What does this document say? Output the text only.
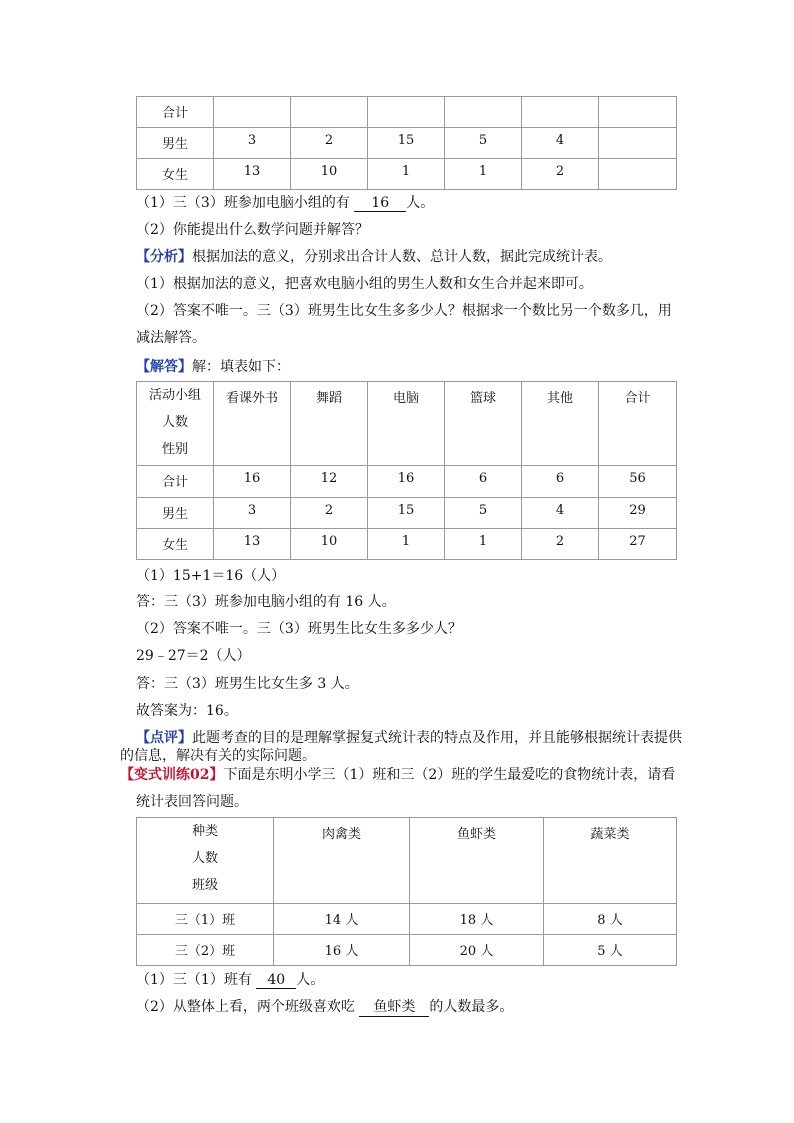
合计						
男生	3	2	15	5	4	
女生	13	10	1	1	2	
（1）三（3）班参加电脑小组的有 16 人。
（2）你能提出什么数学问题并解答？
【分析】根据加法的意义，分别求出合计人数、总计人数，据此完成统计表。
（1）根据加法的意义，把喜欢电脑小组的男生人数和女生合并起来即可。
（2）答案不唯一。三（3）班男生比女生多多少人？根据求一个数比另一个数多几，用
减法解答。
【解答】解：填表如下：
活动小组
人数
性别	看课外书	舞蹈	电脑	篮球	其他	合计
合计	16	12	16	6	6	56
男生	3	2	15	5	4	29
女生	13	10	1	1	2	27
（1）15+1＝16（人）
答：三（3）班参加电脑小组的有 16 人。
（2）答案不唯一。三（3）班男生比女生多多少人？
29﹣27＝2（人）
答：三（3）班男生比女生多 3 人。
故答案为：16。
【点评】此题考查的目的是理解掌握复式统计表的特点及作用，并且能够根据统计表提供
的信息，解决有关的实际问题。
【变式训练02】下面是东明小学三（1）班和三（2）班的学生最爱吃的食物统计表，请看
统计表回答问题。
种类
人数
班级	肉禽类	鱼虾类	蔬菜类
三（1）班	14 人	18 人	8 人
三（2）班	16 人	20 人	5 人
（1）三（1）班有 40 人。
（2）从整体上看，两个班级喜欢吃 鱼虾类 的人数最多。
